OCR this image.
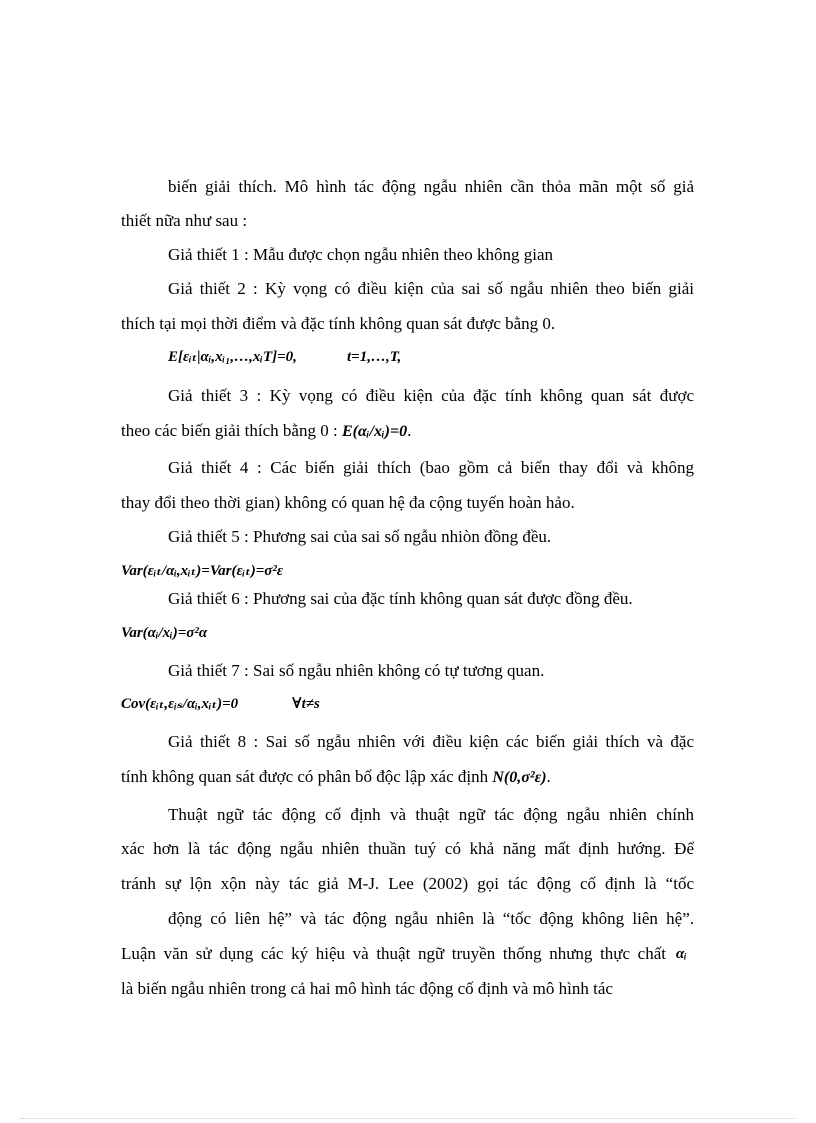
biến giải thích. Mô hình tác động ngẫu nhiên cần thỏa mãn một số giả
thiết nữa như sau :
Giả thiết 1 : Mẫu được chọn ngẫu nhiên theo không gian
Giả thiết 2 : Kỳ vọng có điều kiện của sai số ngẫu nhiên theo biến giải
thích tại mọi thời điểm và đặc tính không quan sát được bằng 0.
E[εᵢₜ|αᵢ,xᵢ₁,…,xᵢT]=0,	t=1,…,T,
Giả thiết 3 : Kỳ vọng có điều kiện của đặc tính không quan sát được
theo các biến giải thích bằng 0 : E(αᵢ/xᵢ)=0.
Giả thiết 4 : Các biến giải thích (bao gồm cả biến thay đổi và không
thay đổi theo thời gian) không có quan hệ đa cộng tuyến hoàn hảo.
Giả thiết 5 : Phương sai của sai số ngẫu nhiòn đồng đều.
Var(εᵢₜ/αᵢ,xᵢₜ)=Var(εᵢₜ)=σ²ε
Giả thiết 6 : Phương sai của đặc tính không quan sát được đồng đều.
Var(αᵢ/xᵢ)=σ²α
Giả thiết 7 : Sai số ngẫu nhiên không có tự tương quan.
Cov(εᵢₜ,εᵢₛ/αᵢ,xᵢₜ)=0	∀t≠s
Giả thiết 8 : Sai số ngẫu nhiên với điều kiện các biến giải thích và đặc
tính không quan sát được có phân bố độc lập xác định N(0,σ²ε).
Thuật ngữ tác động cố định và thuật ngữ tác động ngẫu nhiên chính
xác hơn là tác động ngẫu nhiên thuần tuý có khả năng mất định hướng. Để
tránh sự lộn xộn này tác giả M-J. Lee (2002) gọi tác động cố định là “tốc
động có liên hệ” và tác động ngẫu nhiên là “tốc động không liên hệ”.
Luận văn sử dụng các ký hiệu và thuật ngữ truyền thống nhưng thực chất αᵢ
là biến ngẫu nhiên trong cả hai mô hình tác động cố định và mô hình tác
